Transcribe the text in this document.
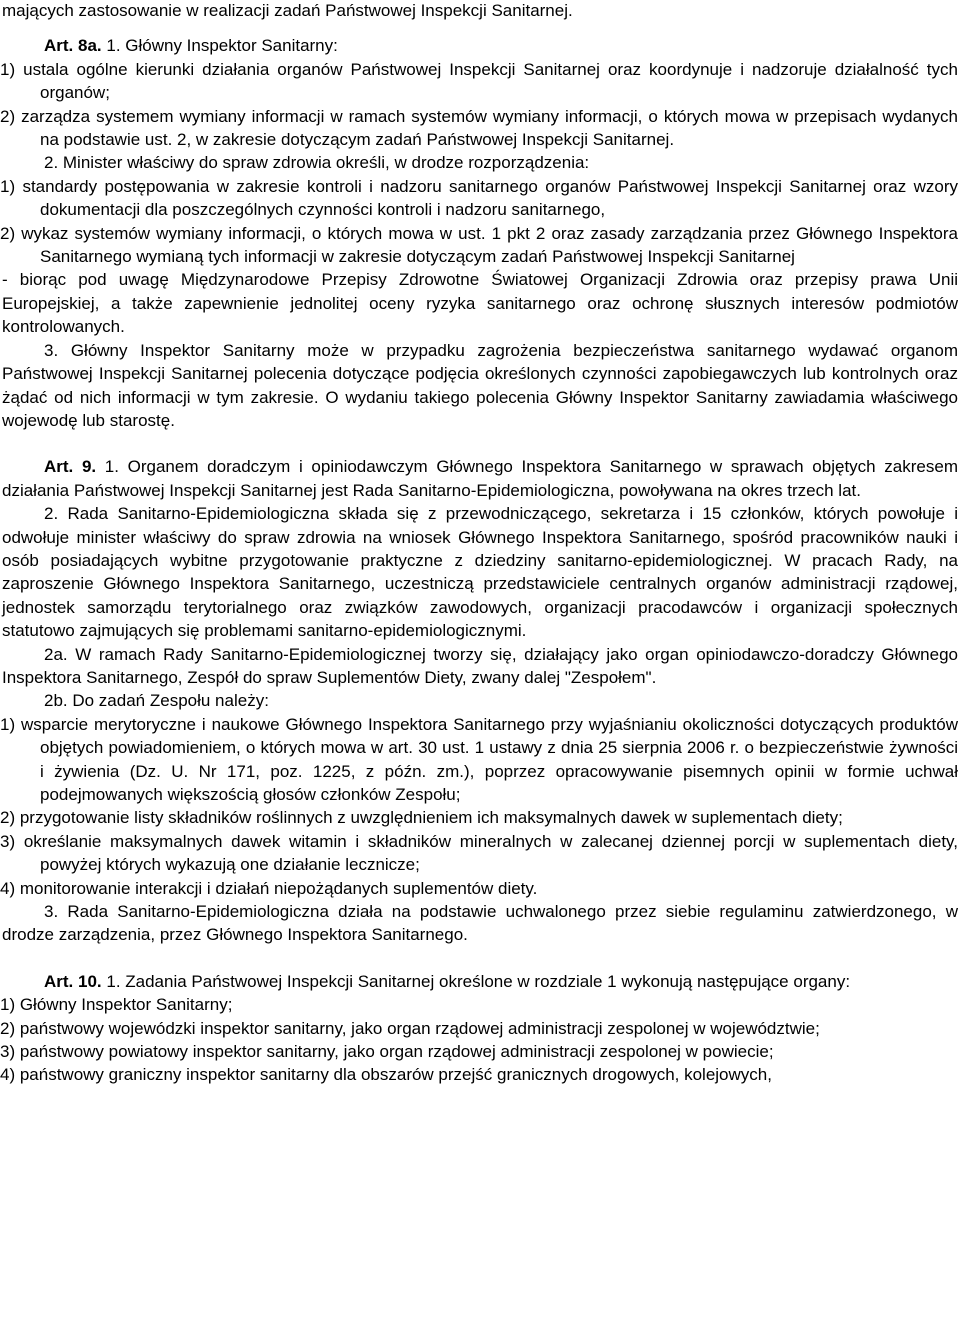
mających zastosowanie w realizacji zadań Państwowej Inspekcji Sanitarnej.

Art. 8a. 1. Główny Inspektor Sanitarny:

1) ustala ogólne kierunki działania organów Państwowej Inspekcji Sanitarnej oraz koordynuje i nadzoruje działalność tych organów;

2) zarządza systemem wymiany informacji w ramach systemów wymiany informacji, o których mowa w przepisach wydanych na podstawie ust. 2, w zakresie dotyczącym zadań Państwowej Inspekcji Sanitarnej.

2. Minister właściwy do spraw zdrowia określi, w drodze rozporządzenia:

1) standardy postępowania w zakresie kontroli i nadzoru sanitarnego organów Państwowej Inspekcji Sanitarnej oraz wzory dokumentacji dla poszczególnych czynności kontroli i nadzoru sanitarnego,

2) wykaz systemów wymiany informacji, o których mowa w ust. 1 pkt 2 oraz zasady zarządzania przez Głównego Inspektora Sanitarnego wymianą tych informacji w zakresie dotyczącym zadań Państwowej Inspekcji Sanitarnej

- biorąc pod uwagę Międzynarodowe Przepisy Zdrowotne Światowej Organizacji Zdrowia oraz przepisy prawa Unii Europejskiej, a także zapewnienie jednolitej oceny ryzyka sanitarnego oraz ochronę słusznych interesów podmiotów kontrolowanych.

3. Główny Inspektor Sanitarny może w przypadku zagrożenia bezpieczeństwa sanitarnego wydawać organom Państwowej Inspekcji Sanitarnej polecenia dotyczące podjęcia określonych czynności zapobiegawczych lub kontrolnych oraz żądać od nich informacji w tym zakresie. O wydaniu takiego polecenia Główny Inspektor Sanitarny zawiadamia właściwego wojewodę lub starostę.

Art. 9. 1. Organem doradczym i opiniodawczym Głównego Inspektora Sanitarnego w sprawach objętych zakresem działania Państwowej Inspekcji Sanitarnej jest Rada Sanitarno-Epidemiologiczna, powoływana na okres trzech lat.

2. Rada Sanitarno-Epidemiologiczna składa się z przewodniczącego, sekretarza i 15 członków, których powołuje i odwołuje minister właściwy do spraw zdrowia na wniosek Głównego Inspektora Sanitarnego, spośród pracowników nauki i osób posiadających wybitne przygotowanie praktyczne z dziedziny sanitarno-epidemiologicznej. W pracach Rady, na zaproszenie Głównego Inspektora Sanitarnego, uczestniczą przedstawiciele centralnych organów administracji rządowej, jednostek samorządu terytorialnego oraz związków zawodowych, organizacji pracodawców i organizacji społecznych statutowo zajmujących się problemami sanitarno-epidemiologicznymi.

2a. W ramach Rady Sanitarno-Epidemiologicznej tworzy się, działający jako organ opiniodawczo-doradczy Głównego Inspektora Sanitarnego, Zespół do spraw Suplementów Diety, zwany dalej "Zespołem".

2b. Do zadań Zespołu należy:

1) wsparcie merytoryczne i naukowe Głównego Inspektora Sanitarnego przy wyjaśnianiu okoliczności dotyczących produktów objętych powiadomieniem, o których mowa w art. 30 ust. 1 ustawy z dnia 25 sierpnia 2006 r. o bezpieczeństwie żywności i żywienia (Dz. U. Nr 171, poz. 1225, z późn. zm.), poprzez opracowywanie pisemnych opinii w formie uchwał podejmowanych większością głosów członków Zespołu;

2) przygotowanie listy składników roślinnych z uwzględnieniem ich maksymalnych dawek w suplementach diety;

3) określanie maksymalnych dawek witamin i składników mineralnych w zalecanej dziennej porcji w suplementach diety, powyżej których wykazują one działanie lecznicze;

4) monitorowanie interakcji i działań niepożądanych suplementów diety.

3. Rada Sanitarno-Epidemiologiczna działa na podstawie uchwalonego przez siebie regulaminu zatwierdzonego, w drodze zarządzenia, przez Głównego Inspektora Sanitarnego.

Art. 10. 1. Zadania Państwowej Inspekcji Sanitarnej określone w rozdziale 1 wykonują następujące organy:

1) Główny Inspektor Sanitarny;

2) państwowy wojewódzki inspektor sanitarny, jako organ rządowej administracji zespolonej w województwie;

3) państwowy powiatowy inspektor sanitarny, jako organ rządowej administracji zespolonej w powiecie;

4) państwowy graniczny inspektor sanitarny dla obszarów przejść granicznych drogowych, kolejowych,
